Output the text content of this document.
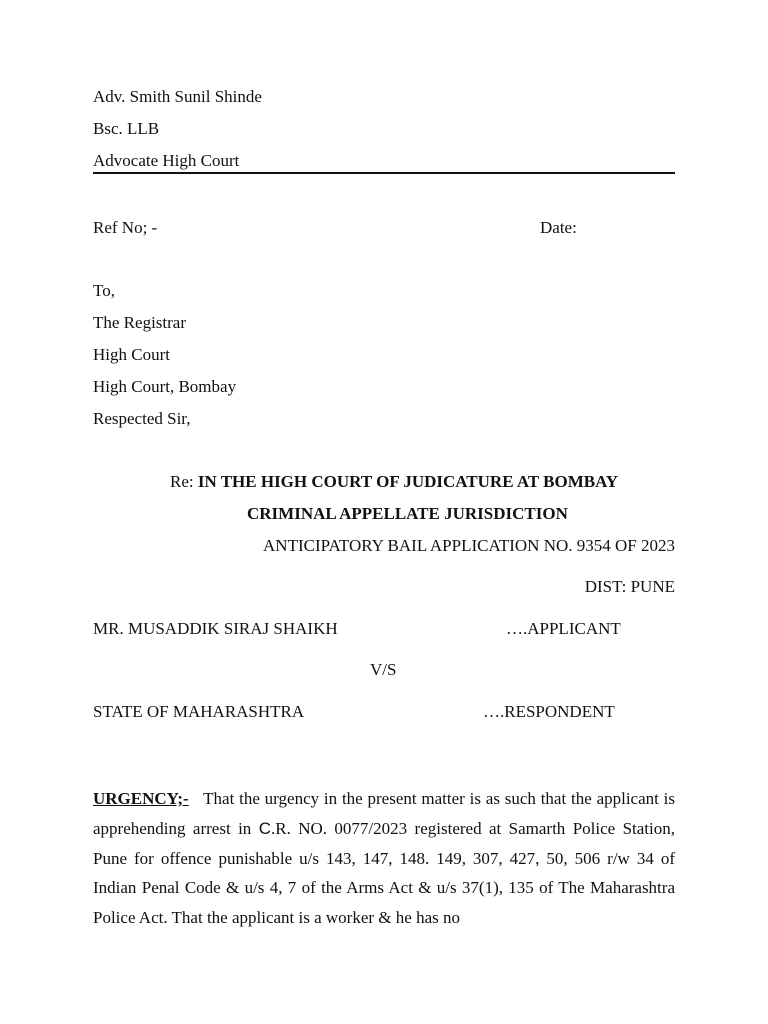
Adv. Smith Sunil Shinde
Bsc. LLB
Advocate High Court
Ref No; -	Date:
To,
The Registrar
High Court
High Court, Bombay
Respected Sir,
Re: IN THE HIGH COURT OF JUDICATURE AT BOMBAY
CRIMINAL APPELLATE JURISDICTION
ANTICIPATORY BAIL APPLICATION NO. 9354 OF 2023
DIST: PUNE
MR. MUSADDIK SIRAJ SHAIKH	….APPLICANT
V/S
STATE OF MAHARASHTRA	….RESPONDENT
URGENCY;- That the urgency in the present matter is as such that the applicant is apprehending arrest in C.R. NO. 0077/2023 registered at Samarth Police Station, Pune for offence punishable u/s 143, 147, 148. 149, 307, 427, 50, 506 r/w 34 of Indian Penal Code & u/s 4, 7 of the Arms Act & u/s 37(1), 135 of The Maharashtra Police Act. That the applicant is a worker & he has no
